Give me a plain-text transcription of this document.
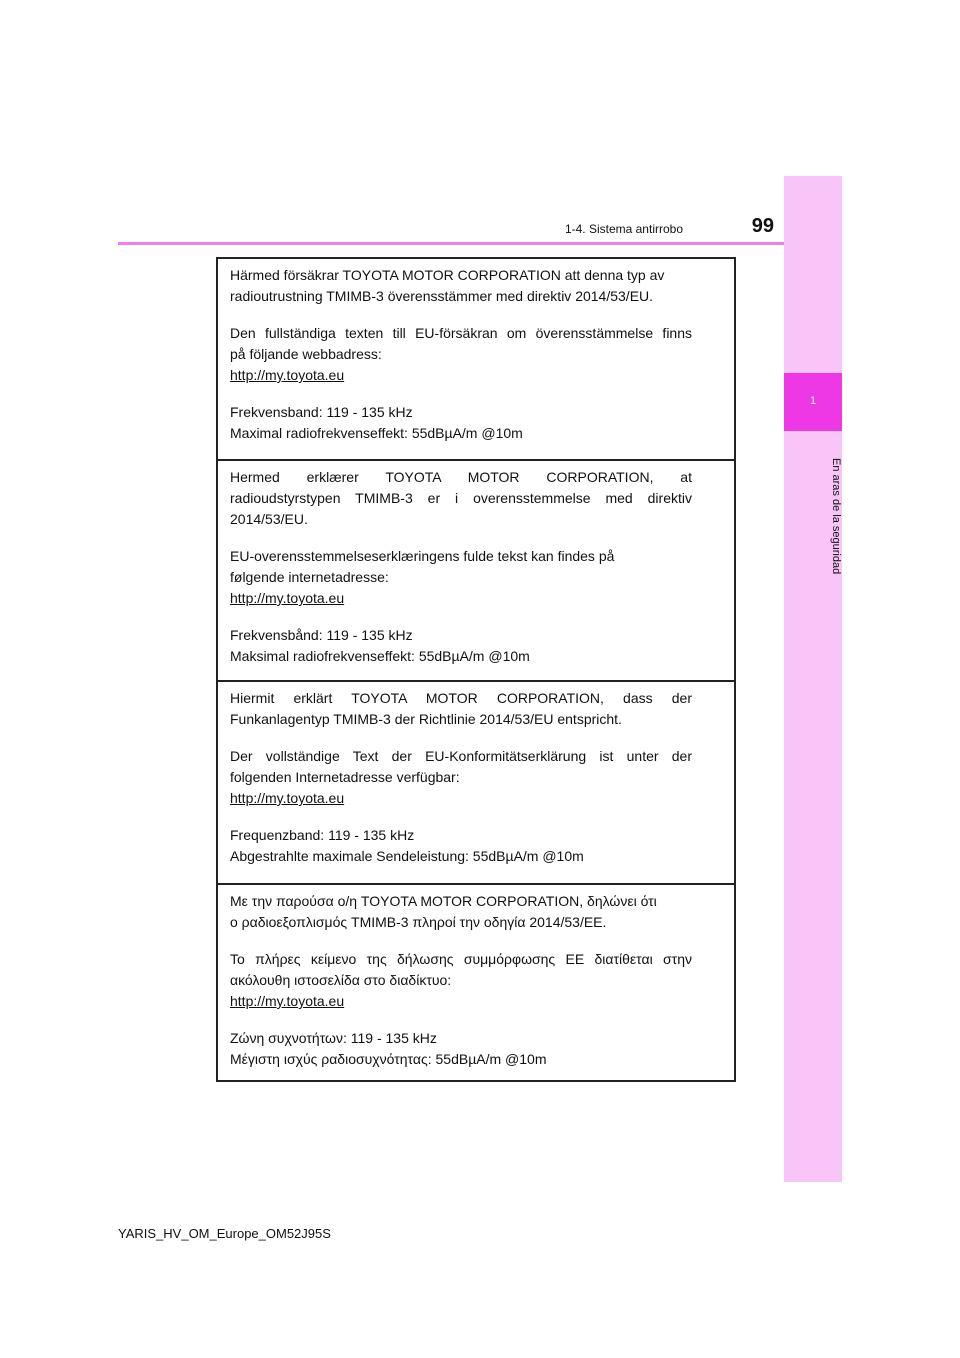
1
En aras de la seguridad
1-4. Sistema antirrobo	99

Härmed försäkrar TOYOTA MOTOR CORPORATION att denna typ av

radioutrustning TMIMB-3 överensstämmer med direktiv 2014/53/EU.

Den fullständiga texten till EU-försäkran om överensstämmelse finns

på följande webbadress:

http://my.toyota.eu

Frekvensband: 119 - 135 kHz

Maximal radiofrekvenseffekt: 55dBµA/m @10m

Hermed erklærer TOYOTA MOTOR CORPORATION, at

radioudstyrstypen TMIMB-3 er i overensstemmelse med direktiv

2014/53/EU.

EU-overensstemmelseserklæringens fulde tekst kan findes på

følgende internetadresse:

http://my.toyota.eu

Frekvensbånd: 119 - 135 kHz

Maksimal radiofrekvenseffekt: 55dBµA/m @10m

Hiermit erklärt TOYOTA MOTOR CORPORATION, dass der

Funkanlagentyp TMIMB-3 der Richtlinie 2014/53/EU entspricht.

Der vollständige Text der EU-Konformitätserklärung ist unter der

folgenden Internetadresse verfügbar:

http://my.toyota.eu

Frequenzband: 119 - 135 kHz

Abgestrahlte maximale Sendeleistung: 55dBµA/m @10m

Με την παρούσα ο/η TOYOTA MOTOR CORPORATION, δηλώνει ότι

ο ραδιοεξοπλισμός TMIMB-3 πληροί την οδηγία 2014/53/ΕΕ.

Το πλήρες κείμενο της δήλωσης συμμόρφωσης ΕΕ διατίθεται στην

ακόλουθη ιστοσελίδα στο διαδίκτυο:

http://my.toyota.eu

Ζώνη συχνοτήτων: 119 - 135 kHz

Μέγιστη ισχύς ραδιοσυχνότητας: 55dBµA/m @10m

YARIS_HV_OM_Europe_OM52J95S
